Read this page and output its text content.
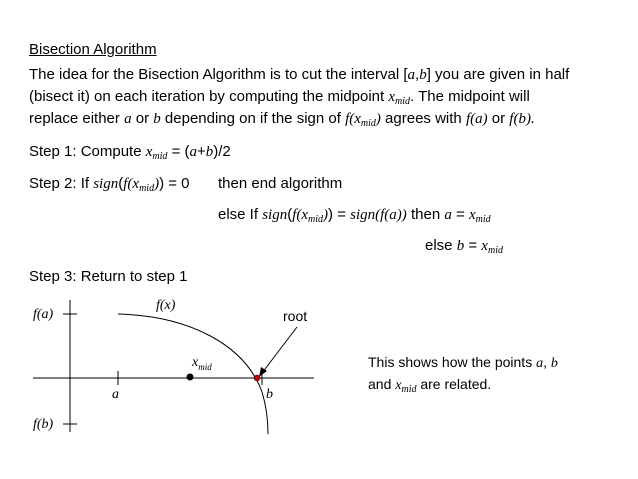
Bisection Algorithm
The idea for the Bisection Algorithm is to cut the interval [a,b] you are given in half
(bisect it) on each iteration by computing the midpoint $x_{mid}$. The midpoint will
replace either a or b depending on if the sign of $f(x_{mid})$ agrees with f(a) or f(b).
Step 1: Compute $x_{mid} = (a+b)/2$
Step 2: If $sign(f(x_{mid})) = 0$ then end algorithm
else If $sign(f(x_{mid}))$ = sign(f(a)) then $a = x_{mid}$
else $b = x_{mid}$
Step 3: Return to step 1
f(a)
f(b)
f(x)
root
$x_{mid}$
a	b
This shows how the points a, b
and $x_{mid}$ are related.
